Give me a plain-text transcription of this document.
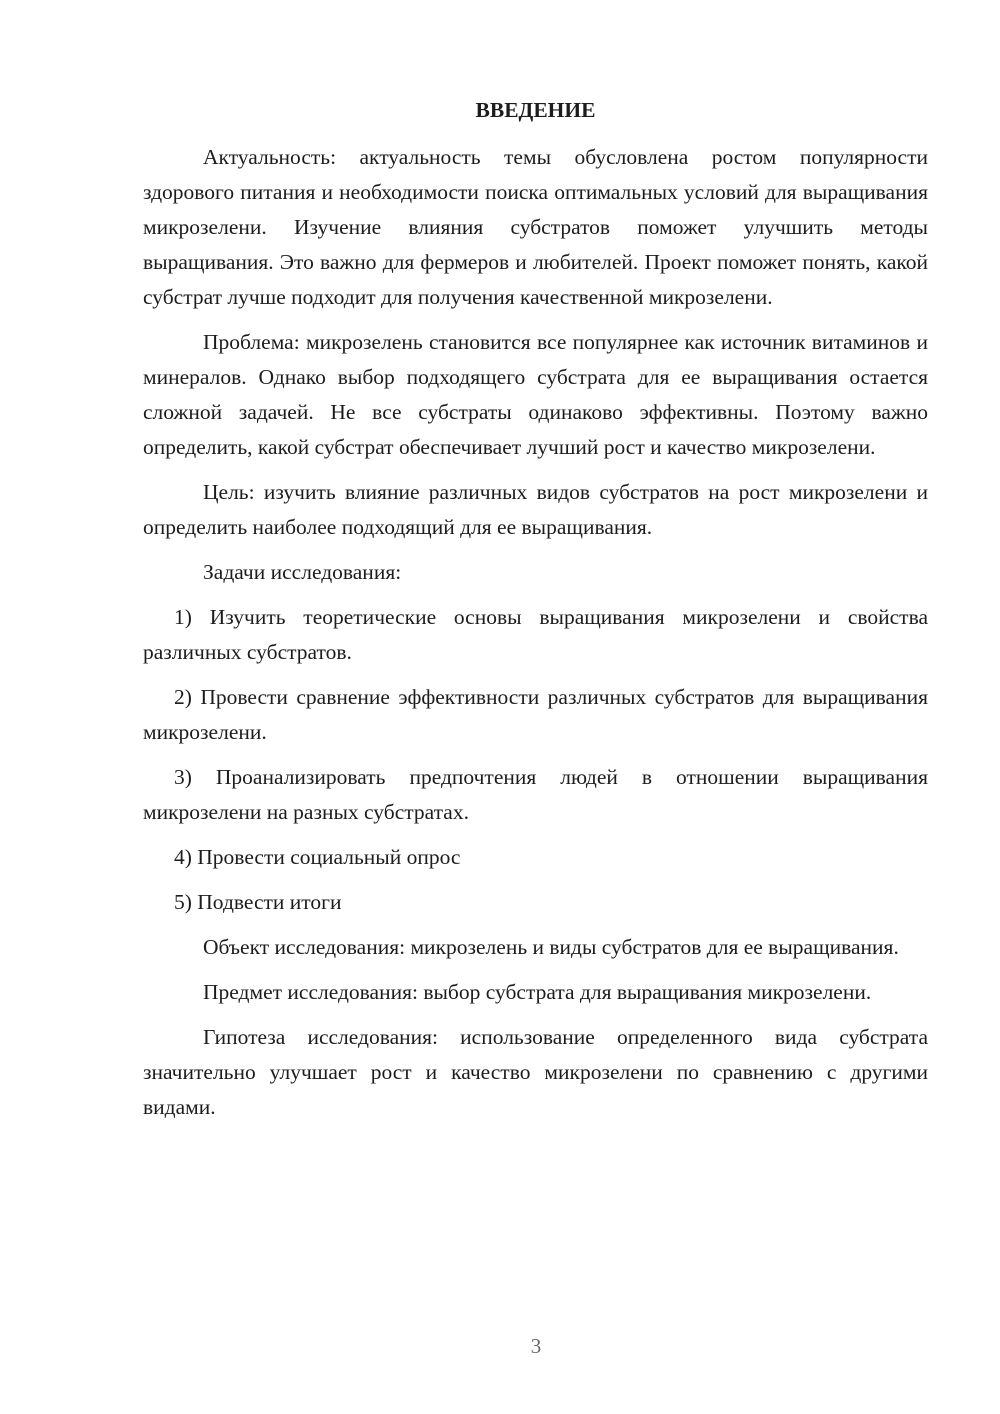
ВВЕДЕНИЕ

Актуальность: актуальность темы обусловлена ростом популярности здорового питания и необходимости поиска оптимальных условий для выращивания микрозелени. Изучение влияния субстратов поможет улучшить методы выращивания. Это важно для фермеров и любителей. Проект поможет понять, какой субстрат лучше подходит для получения качественной микрозелени.

Проблема: микрозелень становится все популярнее как источник витаминов и минералов. Однако выбор подходящего субстрата для ее выращивания остается сложной задачей. Не все субстраты одинаково эффективны. Поэтому важно определить, какой субстрат обеспечивает лучший рост и качество микрозелени.

Цель: изучить влияние различных видов субстратов на рост микрозелени и определить наиболее подходящий для ее выращивания.

Задачи исследования:

1) Изучить теоретические основы выращивания микрозелени и свойства различных субстратов.

2) Провести сравнение эффективности различных субстратов для выращивания микрозелени.

3) Проанализировать предпочтения людей в отношении выращивания микрозелени на разных субстратах.

4) Провести социальный опрос

5) Подвести итоги

Объект исследования: микрозелень и виды субстратов для ее выращивания.

Предмет исследования: выбор субстрата для выращивания микрозелени.

Гипотеза исследования: использование определенного вида субстрата значительно улучшает рост и качество микрозелени по сравнению с другими видами.

3
